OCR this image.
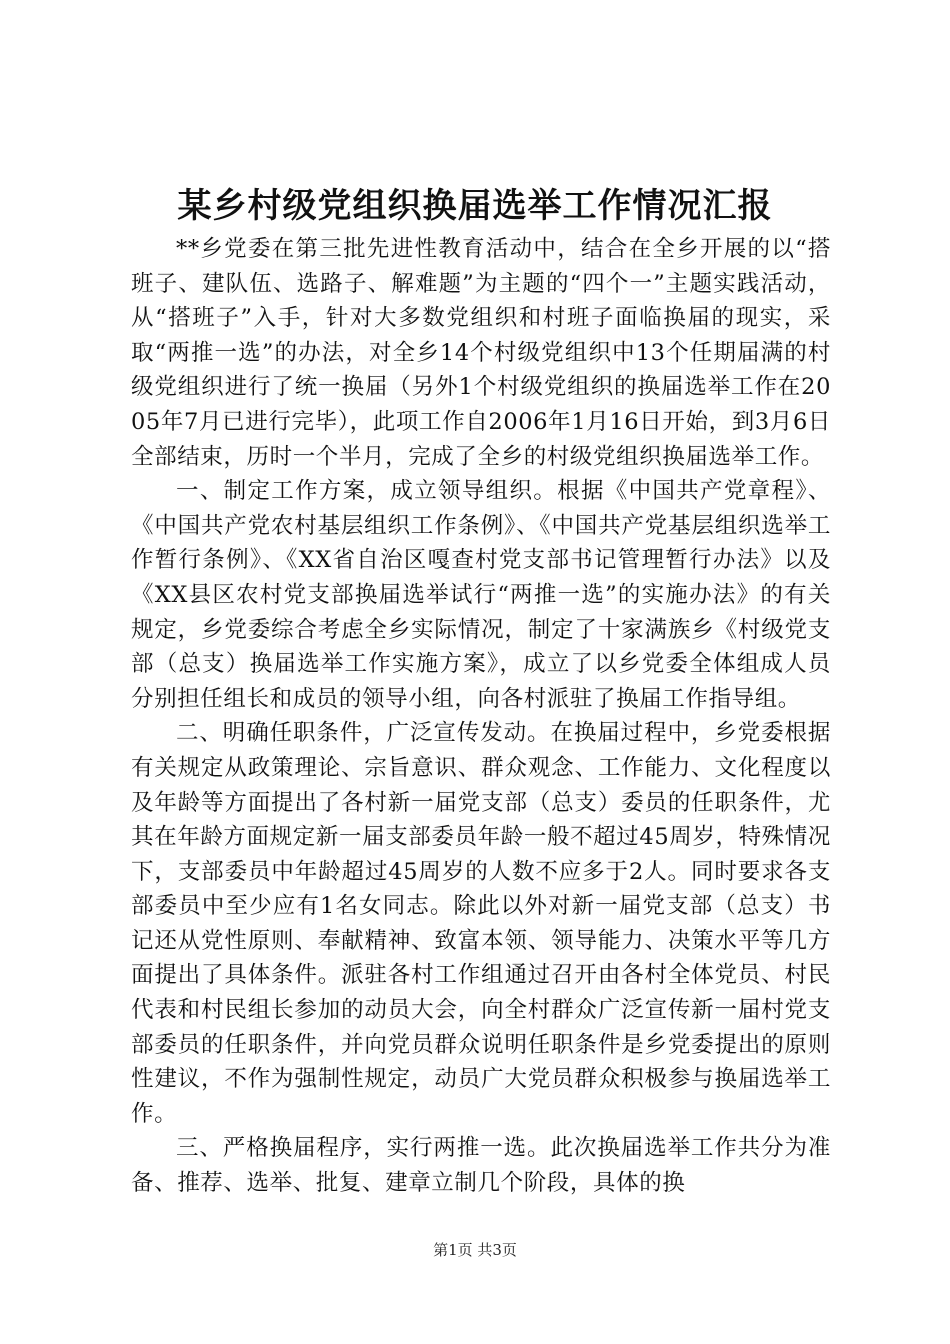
某乡村级党组织换届选举工作情况汇报

**乡党委在第三批先进性教育活动中，结合在全乡开展的以“搭班子、建队伍、选路子、解难题”为主题的“四个一”主题实践活动，从“搭班子”入手，针对大多数党组织和村班子面临换届的现实，采取“两推一选”的办法，对全乡14个村级党组织中13个任期届满的村级党组织进行了统一换届（另外1个村级党组织的换届选举工作在2005年7月已进行完毕），此项工作自2006年1月16日开始，到3月6日全部结束，历时一个半月，完成了全乡的村级党组织换届选举工作。

一、制定工作方案，成立领导组织。根据《中国共产党章程》、《中国共产党农村基层组织工作条例》、《中国共产党基层组织选举工作暂行条例》、《XX省自治区嘎查村党支部书记管理暂行办法》以及《XX县区农村党支部换届选举试行“两推一选”的实施办法》的有关规定，乡党委综合考虑全乡实际情况，制定了十家满族乡《村级党支部（总支）换届选举工作实施方案》，成立了以乡党委全体组成人员分别担任组长和成员的领导小组，向各村派驻了换届工作指导组。

二、明确任职条件，广泛宣传发动。在换届过程中，乡党委根据有关规定从政策理论、宗旨意识、群众观念、工作能力、文化程度以及年龄等方面提出了各村新一届党支部（总支）委员的任职条件，尤其在年龄方面规定新一届支部委员年龄一般不超过45周岁，特殊情况下，支部委员中年龄超过45周岁的人数不应多于2人。同时要求各支部委员中至少应有1名女同志。除此以外对新一届党支部（总支）书记还从党性原则、奉献精神、致富本领、领导能力、决策水平等几方面提出了具体条件。派驻各村工作组通过召开由各村全体党员、村民代表和村民组长参加的动员大会，向全村群众广泛宣传新一届村党支部委员的任职条件，并向党员群众说明任职条件是乡党委提出的原则性建议，不作为强制性规定，动员广大党员群众积极参与换届选举工作。

三、严格换届程序，实行两推一选。此次换届选举工作共分为准备、推荐、选举、批复、建章立制几个阶段，具体的换

第1页 共3页
